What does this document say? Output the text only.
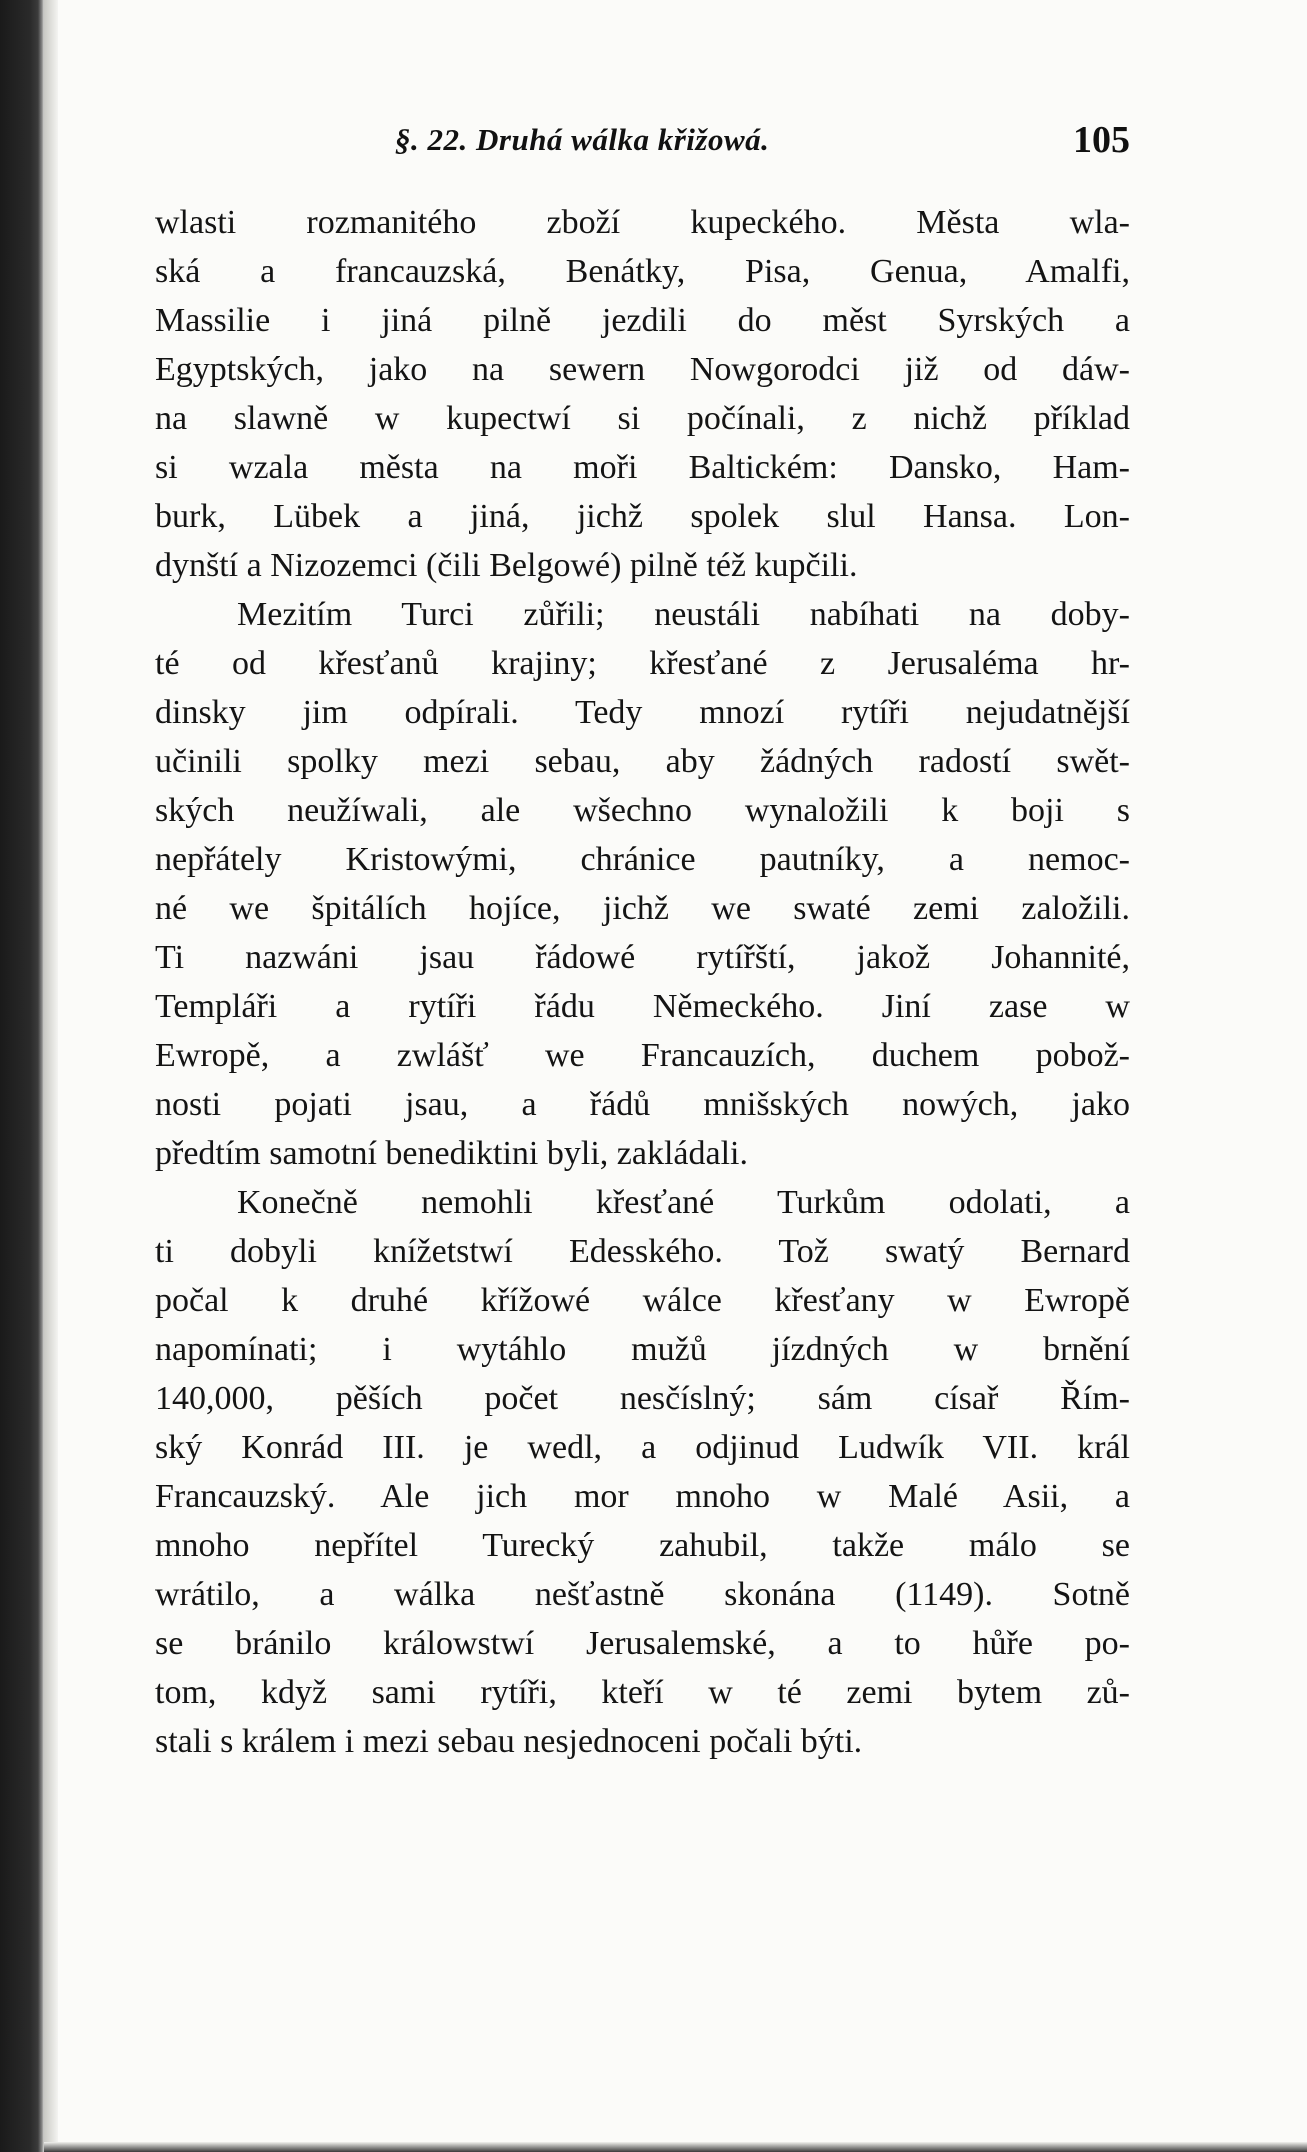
§. 22. Druhá wálka křižowá.	105
wlasti rozmanitého zboží kupeckého. Města wla-
ská a francauzská, Benátky, Pisa, Genua, Amalfi,
Massilie i jiná pilně jezdili do měst Syrských a
Egyptských, jako na sewern Nowgorodci již od dáw-
na slawně w kupectwí si počínali, z nichž příklad
si wzala města na moři Baltickém: Dansko, Ham-
burk, Lübek a jiná, jichž spolek slul Hansa. Lon-
dynští a Nizozemci (čili Belgowé) pilně též kupčili.
Mezitím Turci zůřili; neustáli nabíhati na doby-
té od křesťanů krajiny; křesťané z Jerusaléma hr-
dinsky jim odpírali. Tedy mnozí rytíři nejudatnější
učinili spolky mezi sebau, aby žádných radostí swět-
ských neužíwali, ale wšechno wynaložili k boji s
nepřátely Kristowými, chránice pautníky, a nemoc-
né we špitálích hojíce, jichž we swaté zemi založili.
Ti nazwáni jsau řádowé rytířští, jakož Johannité,
Templáři a rytíři řádu Německého. Jiní zase w
Ewropě, a zwlášť we Francauzích, duchem pobož-
nosti pojati jsau, a řádů mnišských nowých, jako
předtím samotní benediktini byli, zakládali.
Konečně nemohli křesťané Turkům odolati, a
ti dobyli knížetstwí Edesského. Tož swatý Bernard
počal k druhé křížowé wálce křesťany w Ewropě
napomínati; i wytáhlo mužů jízdných w brnění
140,000, pěších počet nesčíslný; sám císař Řím-
ský Konrád III. je wedl, a odjinud Ludwík VII. král
Francauzský. Ale jich mor mnoho w Malé Asii, a
mnoho nepřítel Turecký zahubil, takže málo se
wrátilo, a wálka nešťastně skonána (1149). Sotně
se bránilo králowstwí Jerusalemské, a to hůře po-
tom, když sami rytíři, kteří w té zemi bytem zů-
stali s králem i mezi sebau nesjednoceni počali býti.
